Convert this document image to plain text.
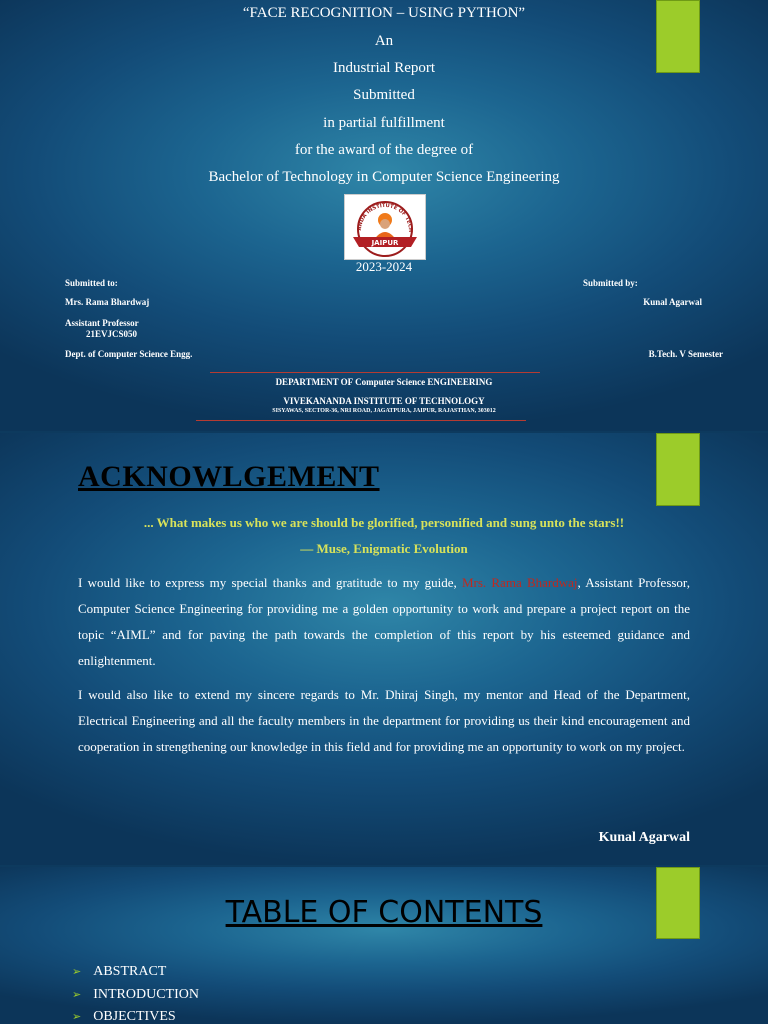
“FACE RECOGNITION – USING PYTHON”
An
Industrial Report
Submitted
in partial fulfillment
for the award of the degree of
Bachelor of Technology in Computer Science Engineering
ANDA INSTITUTE OF TECH
JAIPUR
2023-2024
Submitted to:
Mrs. Rama Bhardwaj
Assistant Professor
21EVJCS050
Dept. of Computer Science Engg.
Submitted by:
Kunal Agarwal
B.Tech. V Semester
DEPARTMENT OF Computer Science ENGINEERING
VIVEKANANDA INSTITUTE OF TECHNOLOGY
SISYAWAS, SECTOR-36, NRI ROAD, JAGATPURA, JAIPUR, RAJASTHAN, 303012
ACKNOWLGEMENT
... What makes us who we are should be glorified, personified and sung unto the stars!!
— Muse, Enigmatic Evolution
I would like to express my special thanks and gratitude to my guide, Mrs. Rama Bhardwaj, Assistant Professor, Computer Science Engineering for providing me a golden opportunity to work and prepare a project report on the topic “AIML” and for paving the path towards the completion of this report by his esteemed guidance and enlightenment.
I would also like to extend my sincere regards to Mr. Dhiraj Singh, my mentor and Head of the Department, Electrical Engineering and all the faculty members in the department for providing us their kind encouragement and cooperation in strengthening our knowledge in this field and for providing me an opportunity to work on my project.
Kunal Agarwal
TABLE OF CONTENTS
➢ ABSTRACT
➢ INTRODUCTION
➢ OBJECTIVES
